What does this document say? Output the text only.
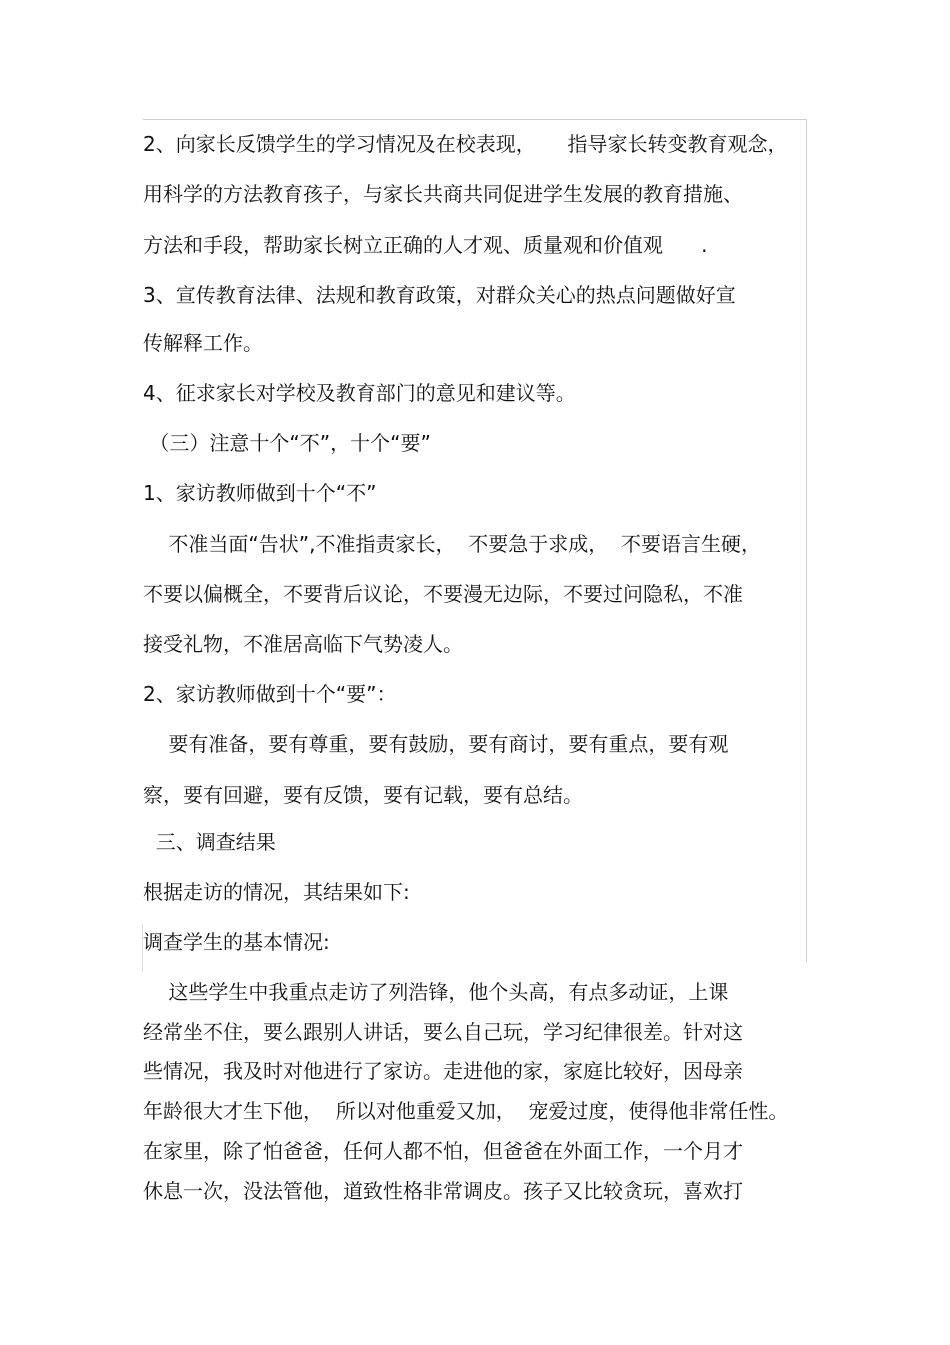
2、向家长反馈学生的学习情况及在校表现，     指导家长转变教育观念，
用科学的方法教育孩子，与家长共商共同促进学生发展的教育措施、
方法和手段，帮助家长树立正确的人才观、质量观和价值观      .
3、宣传教育法律、法规和教育政策，对群众关心的热点问题做好宣
传解释工作。
4、征求家长对学校及教育部门的意见和建议等。
（三）注意十个“不”，十个“要”
1、家访教师做到十个“不”
不准当面“告状”,不准指责家长，  不要急于求成，  不要语言生硬，
不要以偏概全，不要背后议论，不要漫无边际，不要过问隐私，不准
接受礼物，不准居高临下气势凌人。
2、家访教师做到十个“要”：
要有准备，要有尊重，要有鼓励，要有商讨，要有重点，要有观
察，要有回避，要有反馈，要有记载，要有总结。
三、调查结果
根据走访的情况，其结果如下:
调查学生的基本情况:
这些学生中我重点走访了列浩锋，他个头高，有点多动证，上课
经常坐不住，要么跟别人讲话，要么自己玩，学习纪律很差。针对这
些情况，我及时对他进行了家访。走进他的家，家庭比较好，因母亲
年龄很大才生下他，  所以对他重爱又加，  宠爱过度，使得他非常任性。
在家里，除了怕爸爸，任何人都不怕，但爸爸在外面工作，一个月才
休息一次，没法管他，道致性格非常调皮。孩子又比较贪玩，喜欢打
